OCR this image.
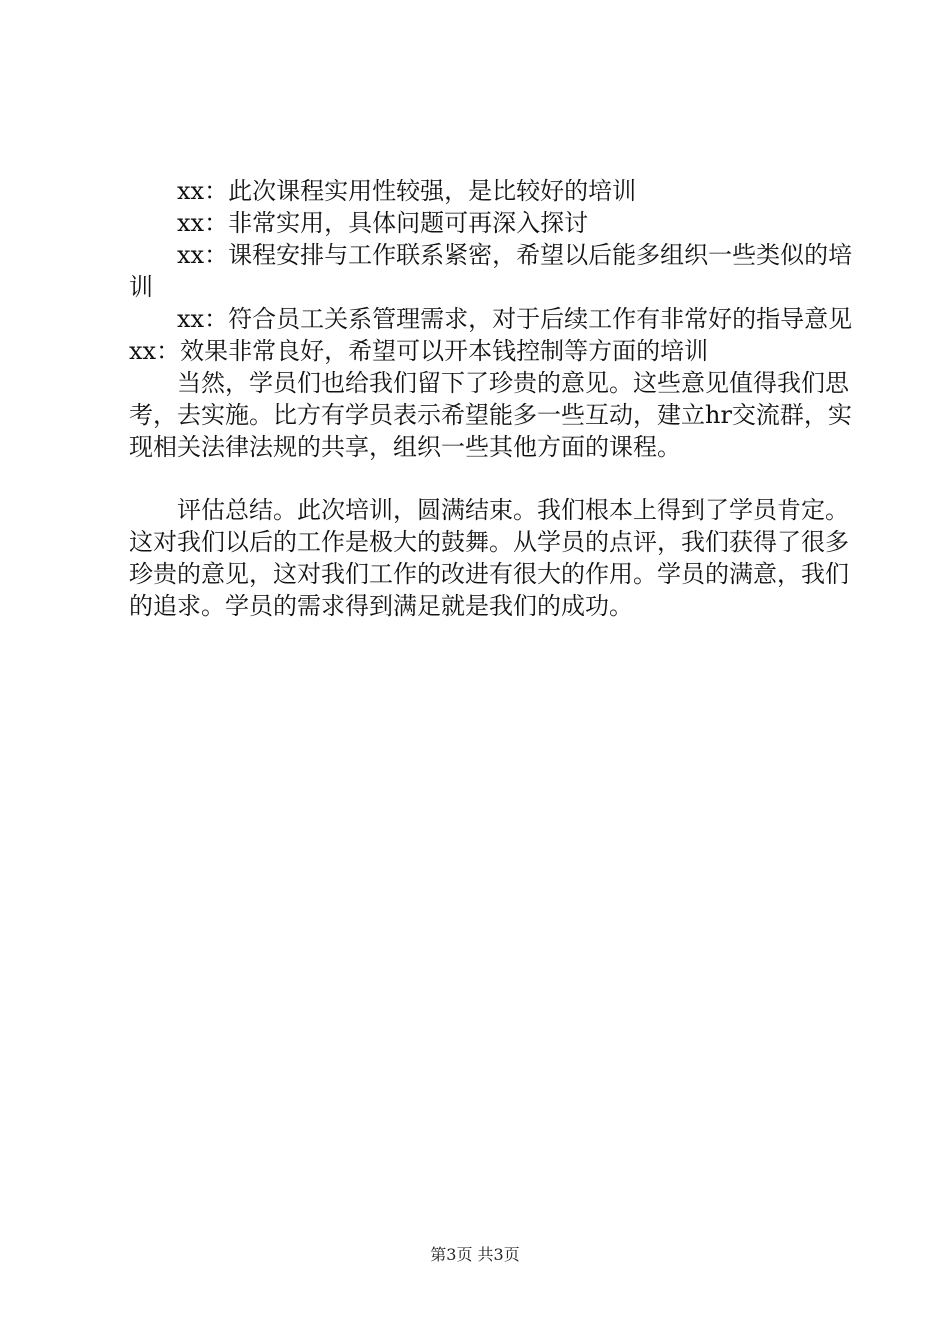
xx：此次课程实用性较强，是比较好的培训

xx：非常实用，具体问题可再深入探讨

xx：课程安排与工作联系紧密，希望以后能多组织一些类似的培训

xx：符合员工关系管理需求，对于后续工作有非常好的指导意见xx：效果非常良好，希望可以开本钱控制等方面的培训

当然，学员们也给我们留下了珍贵的意见。这些意见值得我们思考，去实施。比方有学员表示希望能多一些互动，建立hr交流群，实现相关法律法规的共享，组织一些其他方面的课程。

评估总结。此次培训，圆满结束。我们根本上得到了学员肯定。这对我们以后的工作是极大的鼓舞。从学员的点评，我们获得了很多珍贵的意见，这对我们工作的改进有很大的作用。学员的满意，我们的追求。学员的需求得到满足就是我们的成功。

第3页 共3页
